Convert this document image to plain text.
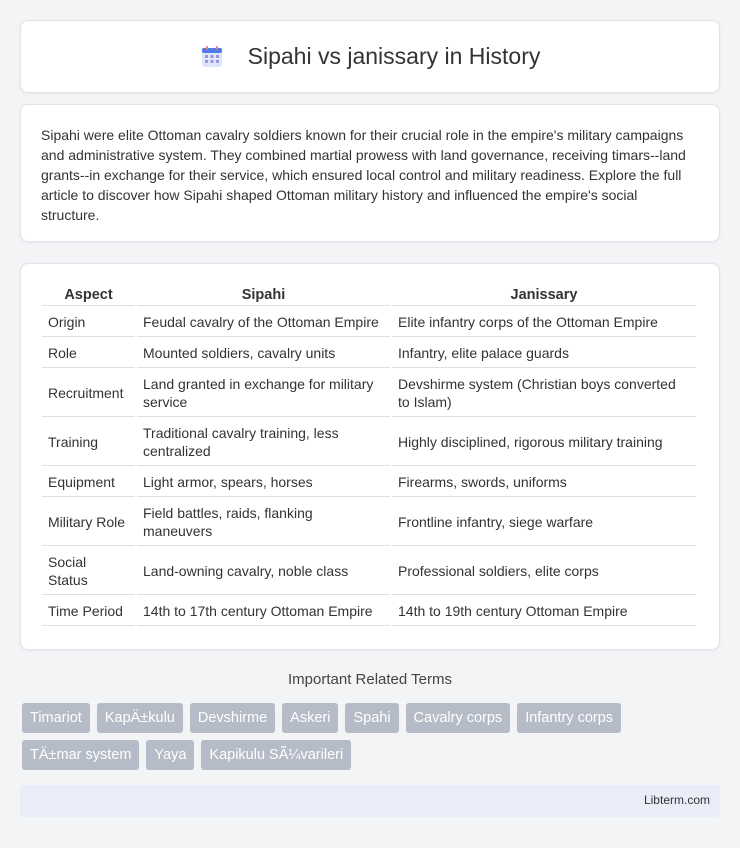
Sipahi vs janissary in History

Sipahi were elite Ottoman cavalry soldiers known for their crucial role in the empire's military campaigns and administrative system. They combined martial prowess with land governance, receiving timars--land grants--in exchange for their service, which ensured local control and military readiness. Explore the full article to discover how Sipahi shaped Ottoman military history and influenced the empire's social structure.

Aspect	Sipahi	Janissary
Origin	Feudal cavalry of the Ottoman Empire	Elite infantry corps of the Ottoman Empire
Role	Mounted soldiers, cavalry units	Infantry, elite palace guards
Recruitment	Land granted in exchange for military service	Devshirme system (Christian boys converted to Islam)
Training	Traditional cavalry training, less centralized	Highly disciplined, rigorous military training
Equipment	Light armor, spears, horses	Firearms, swords, uniforms
Military Role	Field battles, raids, flanking maneuvers	Frontline infantry, siege warfare
Social Status	Land-owning cavalry, noble class	Professional soldiers, elite corps
Time Period	14th to 17th century Ottoman Empire	14th to 19th century Ottoman Empire
Important Related Terms
Timariot	KapÄ±kulu	Devshirme	Askeri	Spahi	Cavalry corps	Infantry corps
TÄ±mar system	Yaya	Kapikulu SÃ¼varileri
Libterm.com
